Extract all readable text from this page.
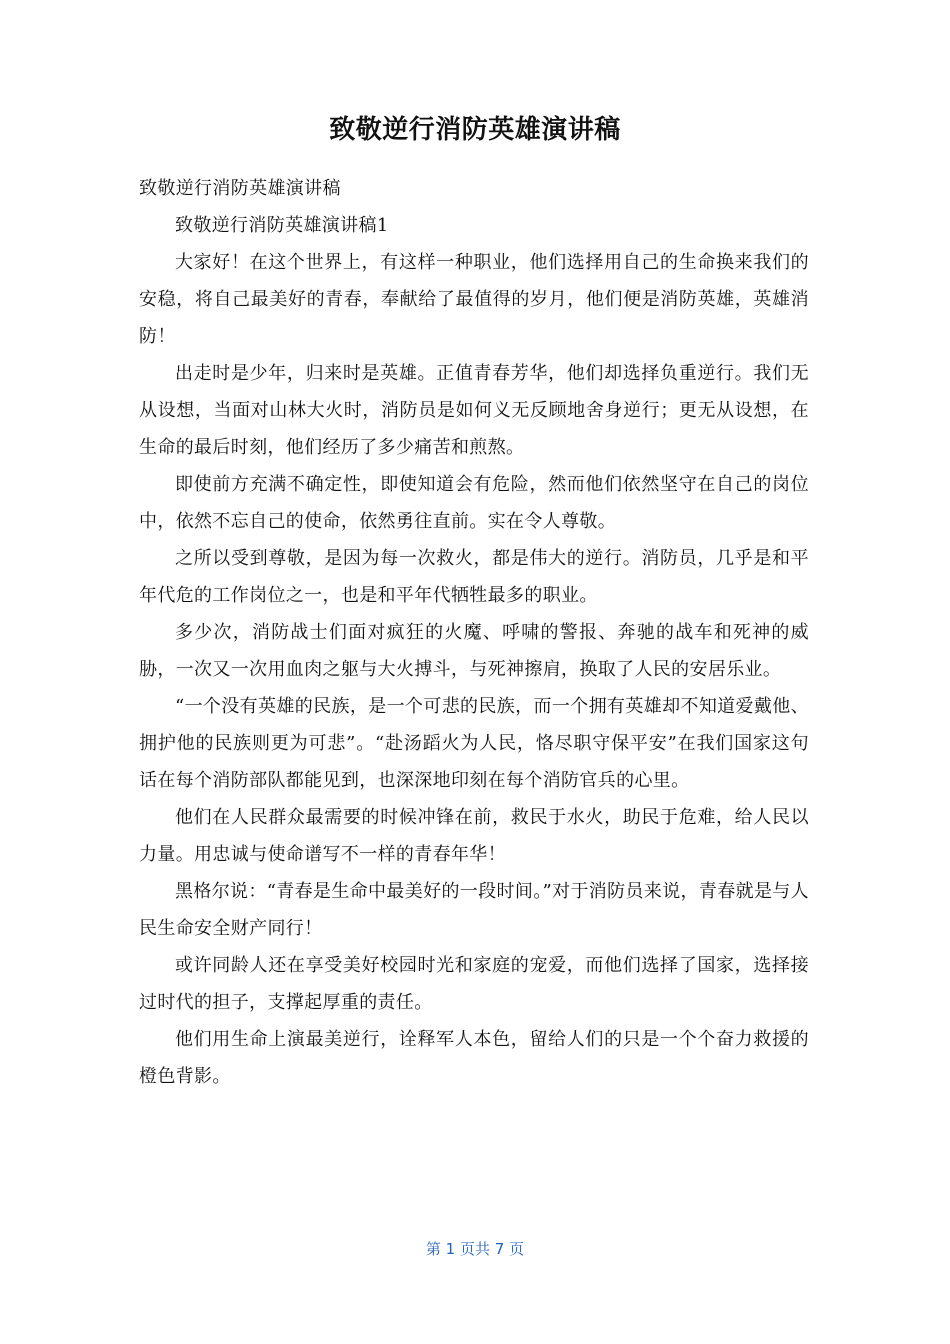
致敬逆行消防英雄演讲稿

致敬逆行消防英雄演讲稿

致敬逆行消防英雄演讲稿1

大家好！在这个世界上，有这样一种职业，他们选择用自己的生命换来我们的安稳，将自己最美好的青春，奉献给了最值得的岁月，他们便是消防英雄，英雄消防！

出走时是少年，归来时是英雄。正值青春芳华，他们却选择负重逆行。我们无从设想，当面对山林大火时，消防员是如何义无反顾地舍身逆行；更无从设想，在生命的最后时刻，他们经历了多少痛苦和煎熬。

即使前方充满不确定性，即使知道会有危险，然而他们依然坚守在自己的岗位中，依然不忘自己的使命，依然勇往直前。实在令人尊敬。

之所以受到尊敬，是因为每一次救火，都是伟大的逆行。消防员，几乎是和平年代危的工作岗位之一，也是和平年代牺牲最多的职业。

多少次，消防战士们面对疯狂的火魔、呼啸的警报、奔驰的战车和死神的威胁，一次又一次用血肉之躯与大火搏斗，与死神擦肩，换取了人民的安居乐业。

“一个没有英雄的民族，是一个可悲的民族，而一个拥有英雄却不知道爱戴他、拥护他的民族则更为可悲”。“赴汤蹈火为人民，恪尽职守保平安”在我们国家这句话在每个消防部队都能见到，也深深地印刻在每个消防官兵的心里。

他们在人民群众最需要的时候冲锋在前，救民于水火，助民于危难，给人民以力量。用忠诚与使命谱写不一样的青春年华！

黑格尔说：“青春是生命中最美好的一段时间。”对于消防员来说，青春就是与人民生命安全财产同行！

或许同龄人还在享受美好校园时光和家庭的宠爱，而他们选择了国家，选择接过时代的担子，支撑起厚重的责任。

他们用生命上演最美逆行，诠释军人本色，留给人们的只是一个个奋力救援的橙色背影。

第 1 页共 7 页
